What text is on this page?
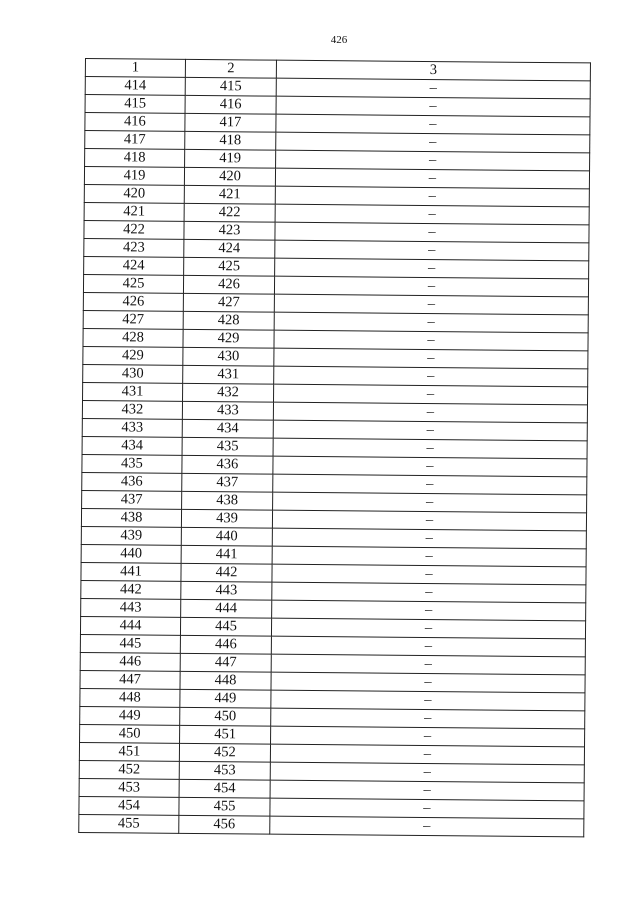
426
1	2	3
414	415	–
415	416	–
416	417	–
417	418	–
418	419	–
419	420	–
420	421	–
421	422	–
422	423	–
423	424	–
424	425	–
425	426	–
426	427	–
427	428	–
428	429	–
429	430	–
430	431	–
431	432	–
432	433	–
433	434	–
434	435	–
435	436	–
436	437	–
437	438	–
438	439	–
439	440	–
440	441	–
441	442	–
442	443	–
443	444	–
444	445	–
445	446	–
446	447	–
447	448	–
448	449	–
449	450	–
450	451	–
451	452	–
452	453	–
453	454	–
454	455	–
455	456	–
